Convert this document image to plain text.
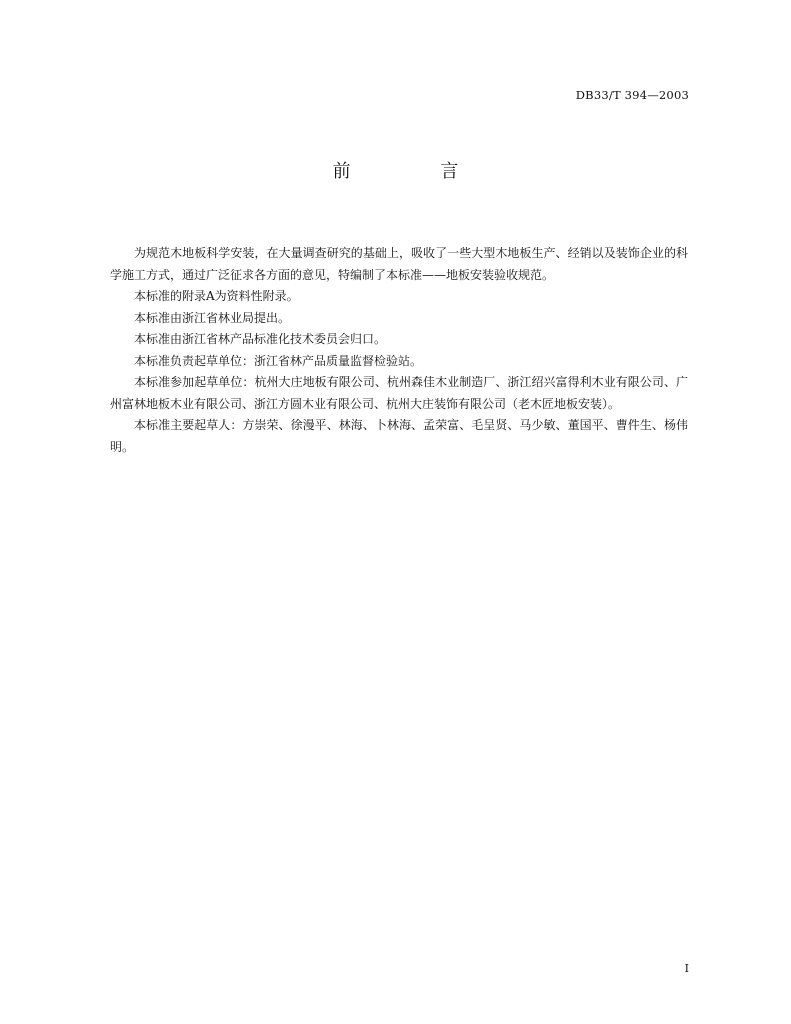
DB33/T 394—2003
前 言

为规范木地板科学安装，在大量调查研究的基础上，吸收了一些大型木地板生产、经销以及装饰企业的科学施工方式，通过广泛征求各方面的意见，特编制了本标准——地板安装验收规范。

本标准的附录A为资料性附录。

本标准由浙江省林业局提出。

本标准由浙江省林产品标准化技术委员会归口。

本标准负责起草单位：浙江省林产品质量监督检验站。

本标准参加起草单位：杭州大庄地板有限公司、杭州森佳木业制造厂、浙江绍兴富得利木业有限公司、广州富林地板木业有限公司、浙江方圆木业有限公司、杭州大庄装饰有限公司（老木匠地板安装）。

本标准主要起草人：方崇荣、徐漫平、林海、卜林海、孟荣富、毛呈贤、马少敏、董国平、曹件生、杨伟明。

I
